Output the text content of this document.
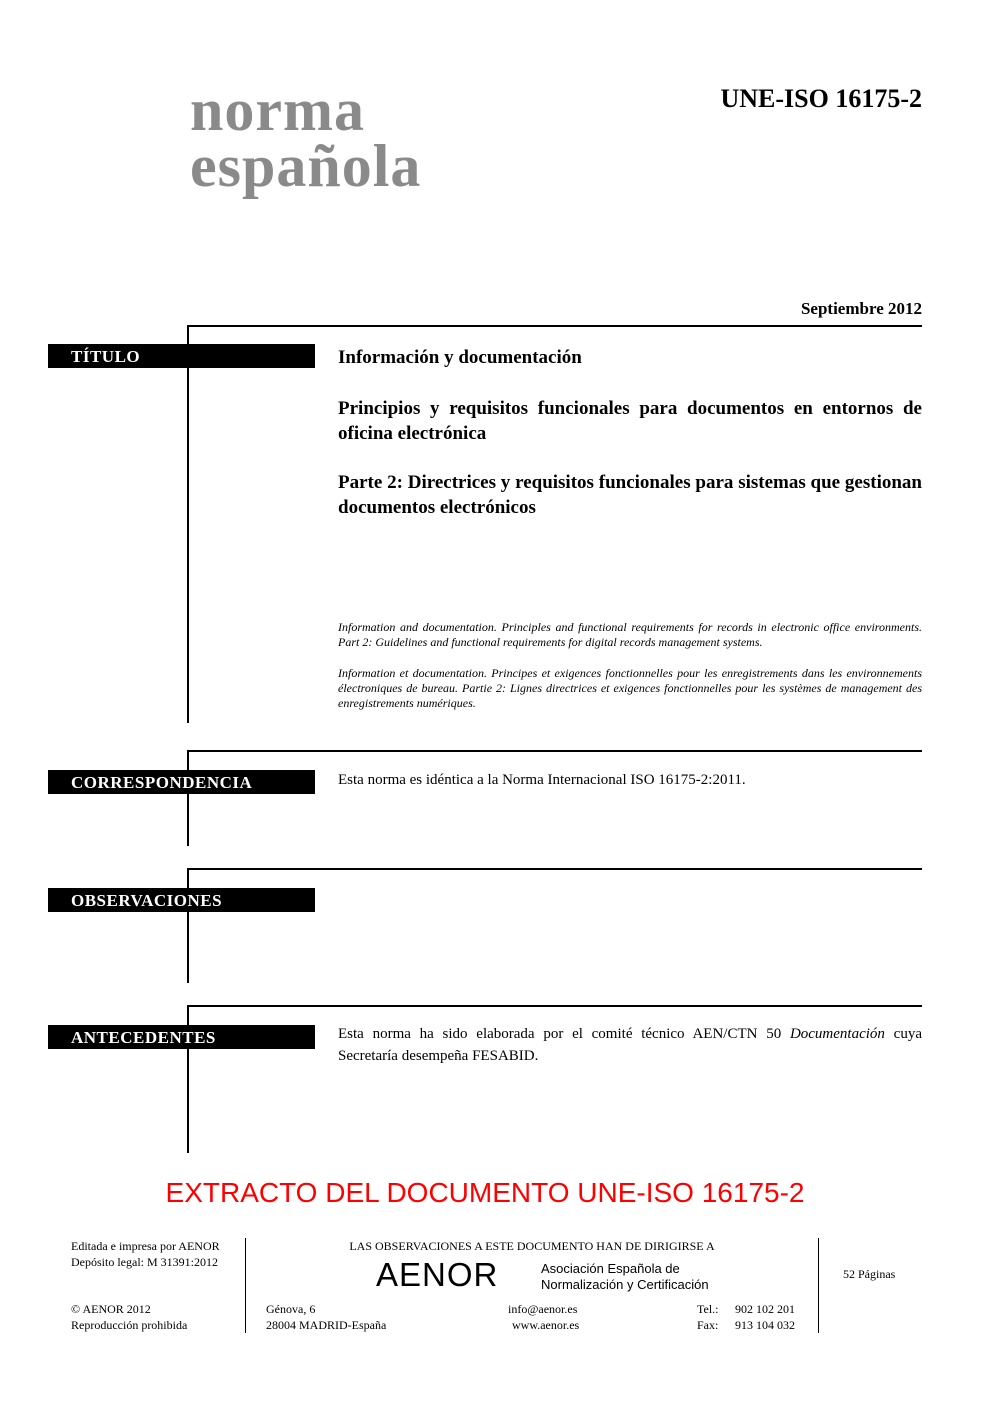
norma
española
UNE-ISO 16175-2
Septiembre 2012
TÍTULO	Información y documentación
Principios y requisitos funcionales para documentos en entornos de oficina electrónica
Parte 2: Directrices y requisitos funcionales para sistemas que gestionan documentos electrónicos
Information and documentation. Principles and functional requirements for records in electronic office environments. Part 2: Guidelines and functional requirements for digital records management systems.
Information et documentation. Principes et exigences fonctionnelles pour les enregistrements dans les environnements électroniques de bureau. Partie 2: Lignes directrices et exigences fonctionnelles pour les systèmes de management des enregistrements numériques.
CORRESPONDENCIA	Esta norma es idéntica a la Norma Internacional ISO 16175-2:2011.
OBSERVACIONES
ANTECEDENTES	Esta norma ha sido elaborada por el comité técnico AEN/CTN 50 Documentación cuya Secretaría desempeña FESABID.
EXTRACTO DEL DOCUMENTO UNE-ISO 16175-2
Editada e impresa por AENOR
Depósito legal: M 31391:2012
© AENOR 2012
Reproducción prohibida
LAS OBSERVACIONES A ESTE DOCUMENTO HAN DE DIRIGIRSE A
AENOR	Asociación Española de
Normalización y Certificación
Génova, 6
28004 MADRID-España
info@aenor.es
www.aenor.es
Tel.: 902 102 201
Fax: 913 104 032
52 Páginas
